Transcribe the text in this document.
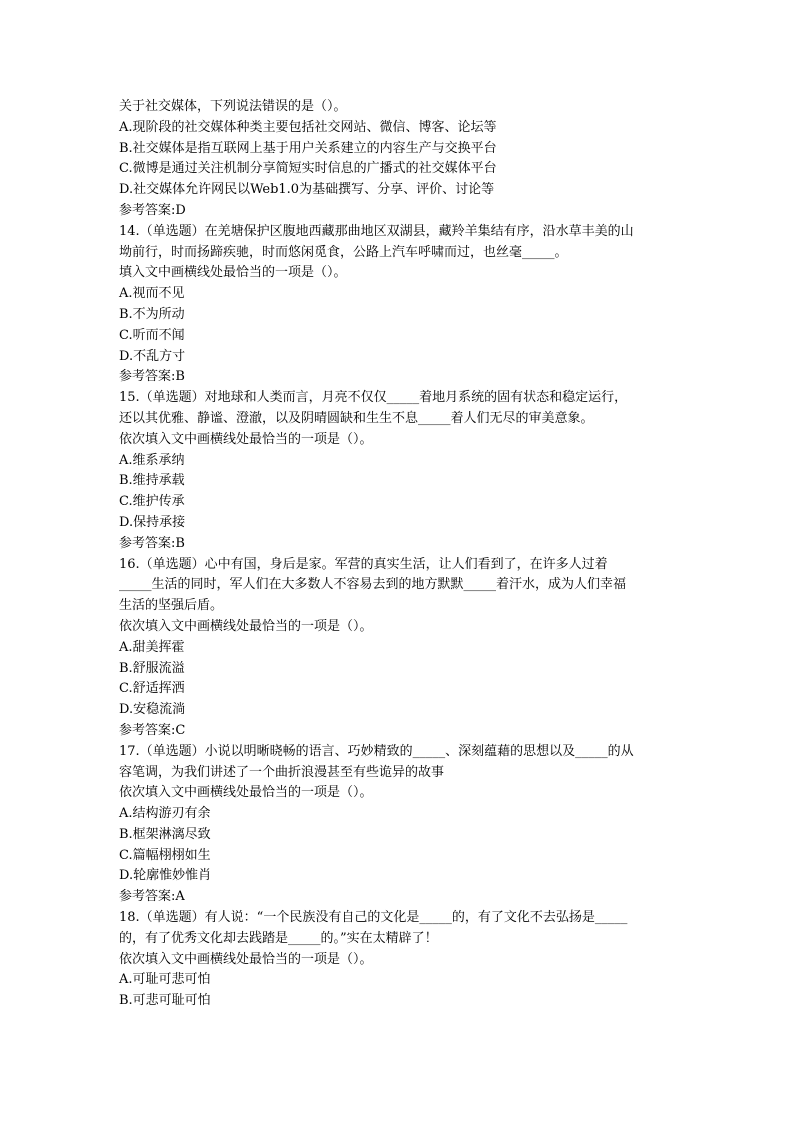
关于社交媒体，下列说法错误的是（）。
A.现阶段的社交媒体种类主要包括社交网站、微信、博客、论坛等
B.社交媒体是指互联网上基于用户关系建立的内容生产与交换平台
C.微博是通过关注机制分享简短实时信息的广播式的社交媒体平台
D.社交媒体允许网民以Web1.0为基础撰写、分享、评价、讨论等
参考答案:D
14.（单选题）在羌塘保护区腹地西藏那曲地区双湖县，藏羚羊集结有序，沿水草丰美的山
坳前行，时而扬蹄疾驰，时而悠闲觅食，公路上汽车呼啸而过，也丝毫_____。
填入文中画横线处最恰当的一项是（）。
A.视而不见
B.不为所动
C.听而不闻
D.不乱方寸
参考答案:B
15.（单选题）对地球和人类而言，月亮不仅仅_____着地月系统的固有状态和稳定运行，
还以其优雅、静谧、澄澈，以及阴晴圆缺和生生不息_____着人们无尽的审美意象。
依次填入文中画横线处最恰当的一项是（）。
A.维系承纳
B.维持承载
C.维护传承
D.保持承接
参考答案:B
16.（单选题）心中有国，身后是家。军营的真实生活，让人们看到了，在许多人过着
_____生活的同时，军人们在大多数人不容易去到的地方默默_____着汗水，成为人们幸福
生活的坚强后盾。
依次填入文中画横线处最恰当的一项是（）。
A.甜美挥霍
B.舒服流溢
C.舒适挥洒
D.安稳流淌
参考答案:C
17.（单选题）小说以明晰晓畅的语言、巧妙精致的_____、深刻蕴藉的思想以及_____的从
容笔调，为我们讲述了一个曲折浪漫甚至有些诡异的故事
依次填入文中画横线处最恰当的一项是（）。
A.结构游刃有余
B.框架淋漓尽致
C.篇幅栩栩如生
D.轮廓惟妙惟肖
参考答案:A
18.（单选题）有人说：“一个民族没有自己的文化是_____的，有了文化不去弘扬是_____
的，有了优秀文化却去践踏是_____的。”实在太精辟了！
依次填入文中画横线处最恰当的一项是（）。
A.可耻可悲可怕
B.可悲可耻可怕
